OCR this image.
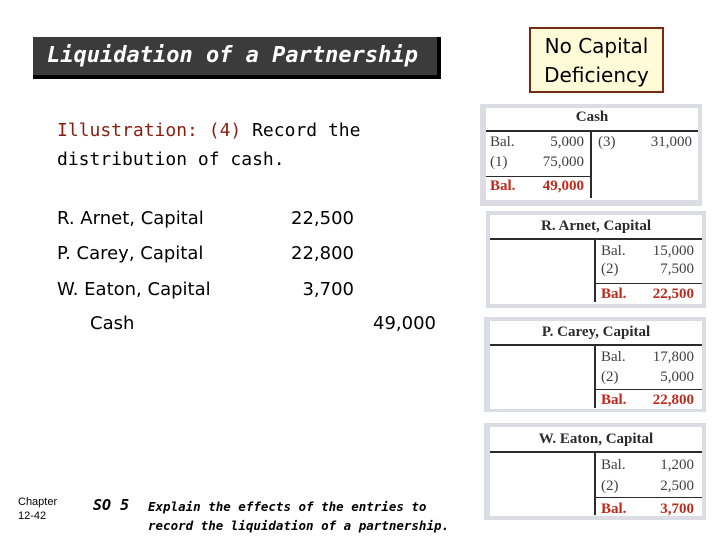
Liquidation of a Partnership	No Capital
Deficiency
Illustration: (4) Record the
distribution of cash.
R. Arnet, Capital	22,500
P. Carey, Capital	22,800
W. Eaton, Capital	3,700
Cash	49,000
Cash
Bal.	5,000
(1)	75,000
Bal.	49,000
(3)	31,000
R. Arnet, Capital
Bal.	15,000
(2)	7,500
Bal.	22,500
P. Carey, Capital
Bal.	17,800
(2)	5,000
Bal.	22,800
W. Eaton, Capital
Bal.	1,200
(2)	2,500
Bal.	3,700
Chapter
12-42
SO 5 Explain the effects of the entries to
record the liquidation of a partnership.
